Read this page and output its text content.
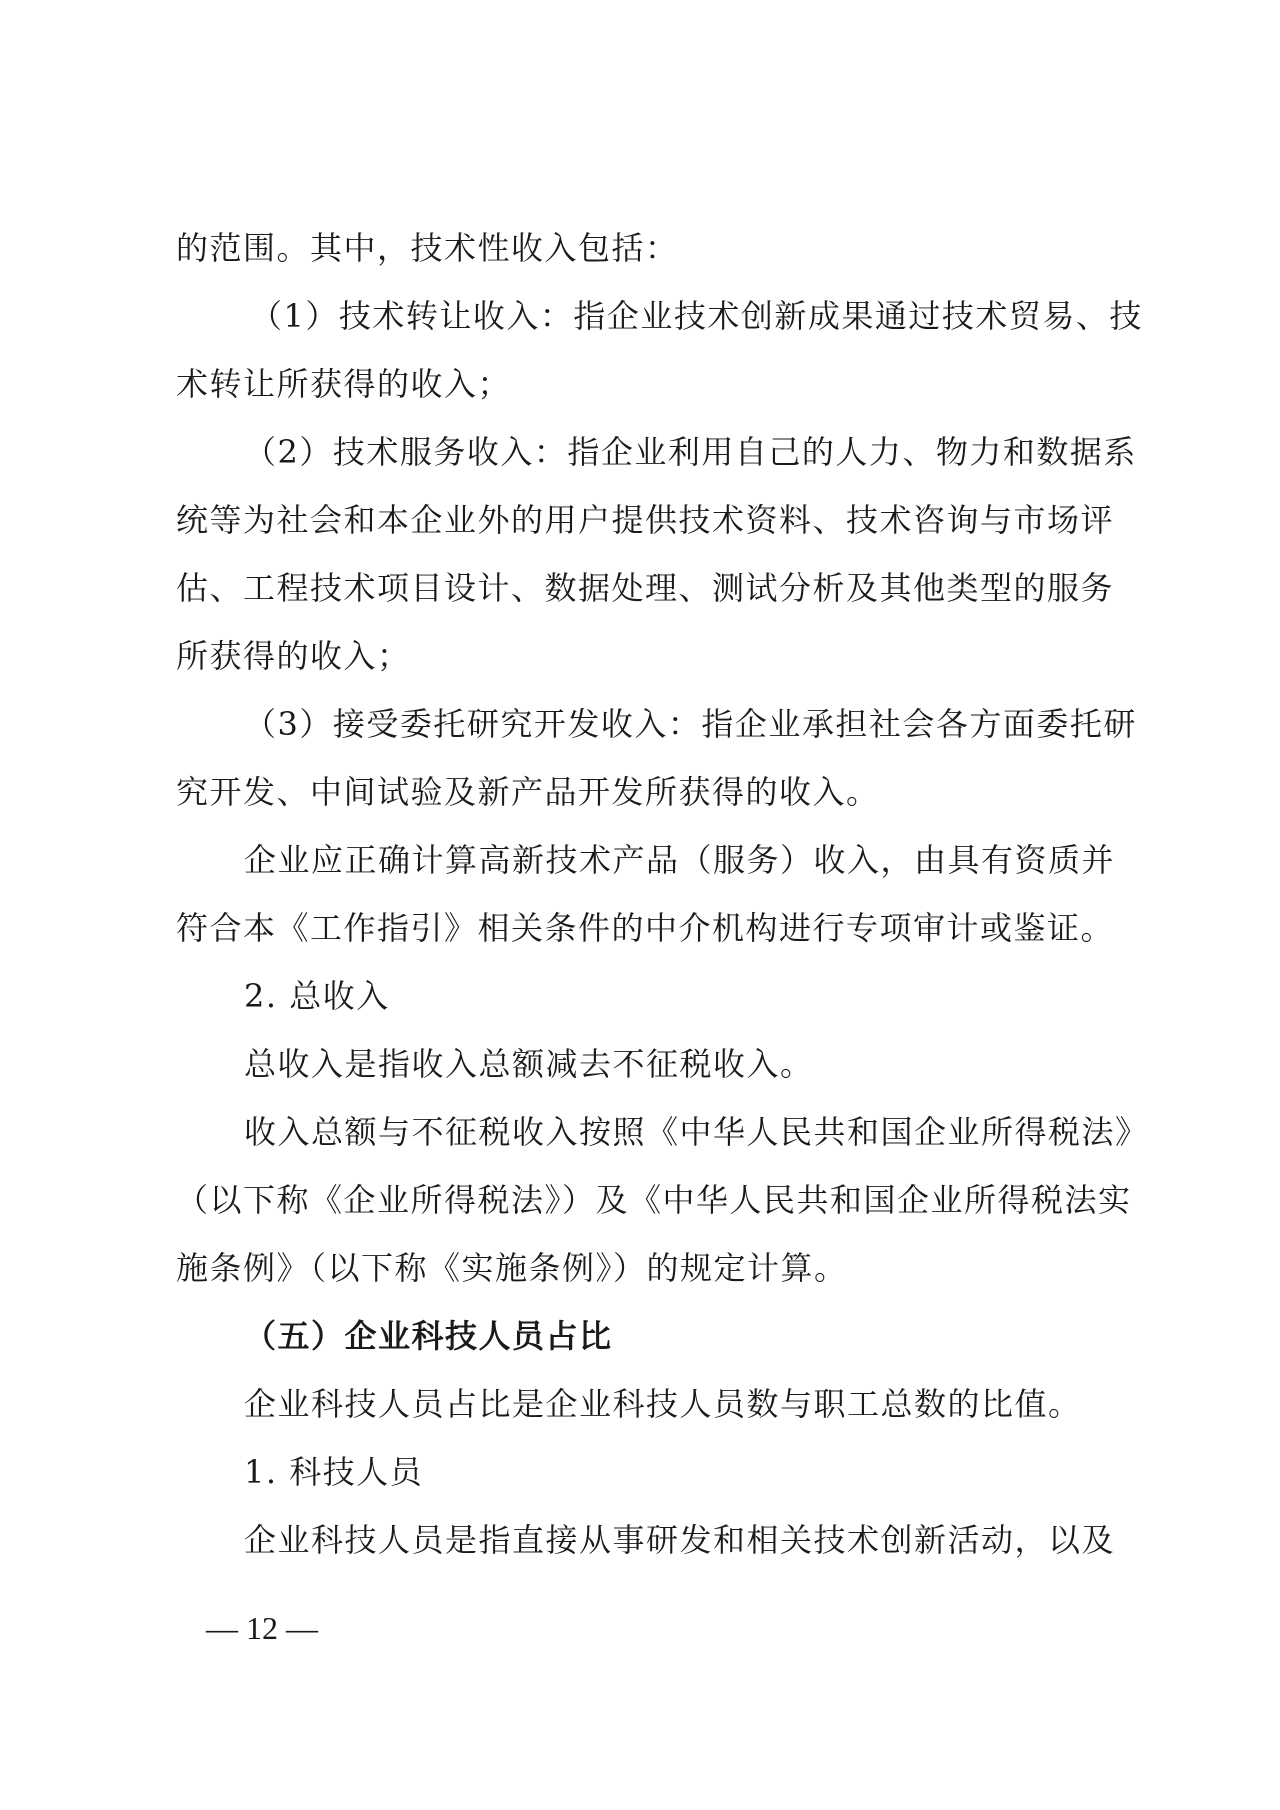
的范围。其中，技术性收入包括：
（1）技术转让收入：指企业技术创新成果通过技术贸易、技
术转让所获得的收入；
（2）技术服务收入：指企业利用自己的人力、物力和数据系
统等为社会和本企业外的用户提供技术资料、技术咨询与市场评
估、工程技术项目设计、数据处理、测试分析及其他类型的服务
所获得的收入；
（3）接受委托研究开发收入：指企业承担社会各方面委托研
究开发、中间试验及新产品开发所获得的收入。
企业应正确计算高新技术产品（服务）收入，由具有资质并
符合本《工作指引》相关条件的中介机构进行专项审计或鉴证。
2. 总收入
总收入是指收入总额减去不征税收入。
收入总额与不征税收入按照《中华人民共和国企业所得税法》
（以下称《企业所得税法》）及《中华人民共和国企业所得税法实
施条例》（以下称《实施条例》）的规定计算。
（五）企业科技人员占比
企业科技人员占比是企业科技人员数与职工总数的比值。
1. 科技人员
企业科技人员是指直接从事研发和相关技术创新活动，以及
— 12 —
